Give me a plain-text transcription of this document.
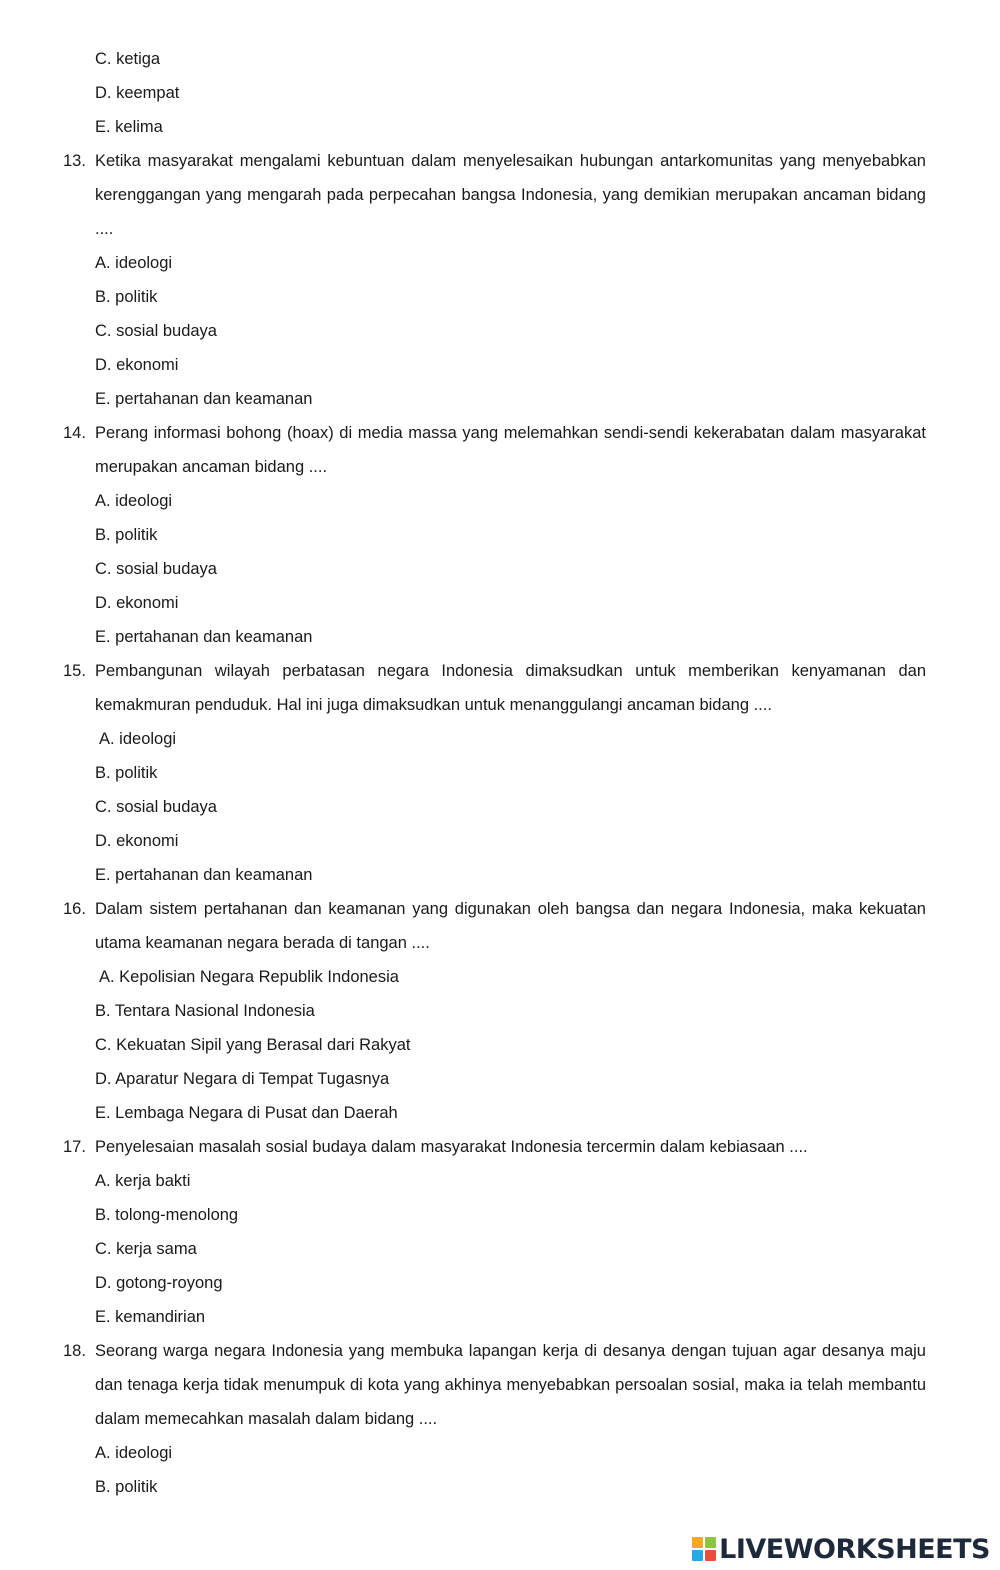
C. ketiga
D. keempat
E. kelima
13. Ketika masyarakat mengalami kebuntuan dalam menyelesaikan hubungan antarkomunitas yang menyebabkan kerenggangan yang mengarah pada perpecahan bangsa Indonesia, yang demikian merupakan ancaman bidang ....
A. ideologi
B. politik
C. sosial budaya
D. ekonomi
E. pertahanan dan keamanan
14. Perang informasi bohong (hoax) di media massa yang melemahkan sendi-sendi kekerabatan dalam masyarakat merupakan ancaman bidang ....
A. ideologi
B. politik
C. sosial budaya
D. ekonomi
E. pertahanan dan keamanan
15. Pembangunan wilayah perbatasan negara Indonesia dimaksudkan untuk memberikan kenyamanan dan kemakmuran penduduk. Hal ini juga dimaksudkan untuk menanggulangi ancaman bidang ....
A. ideologi
B. politik
C. sosial budaya
D. ekonomi
E. pertahanan dan keamanan
16. Dalam sistem pertahanan dan keamanan yang digunakan oleh bangsa dan negara Indonesia, maka kekuatan utama keamanan negara berada di tangan ....
A. Kepolisian Negara Republik Indonesia
B. Tentara Nasional Indonesia
C. Kekuatan Sipil yang Berasal dari Rakyat
D. Aparatur Negara di Tempat Tugasnya
E. Lembaga Negara di Pusat dan Daerah
17. Penyelesaian masalah sosial budaya dalam masyarakat Indonesia tercermin dalam kebiasaan ....
A. kerja bakti
B. tolong-menolong
C. kerja sama
D. gotong-royong
E. kemandirian
18. Seorang warga negara Indonesia yang membuka lapangan kerja di desanya dengan tujuan agar desanya maju dan tenaga kerja tidak menumpuk di kota yang akhinya menyebabkan persoalan sosial, maka ia telah membantu dalam memecahkan masalah dalam bidang ....
A. ideologi
B. politik
LIVEWORKSHEETS
